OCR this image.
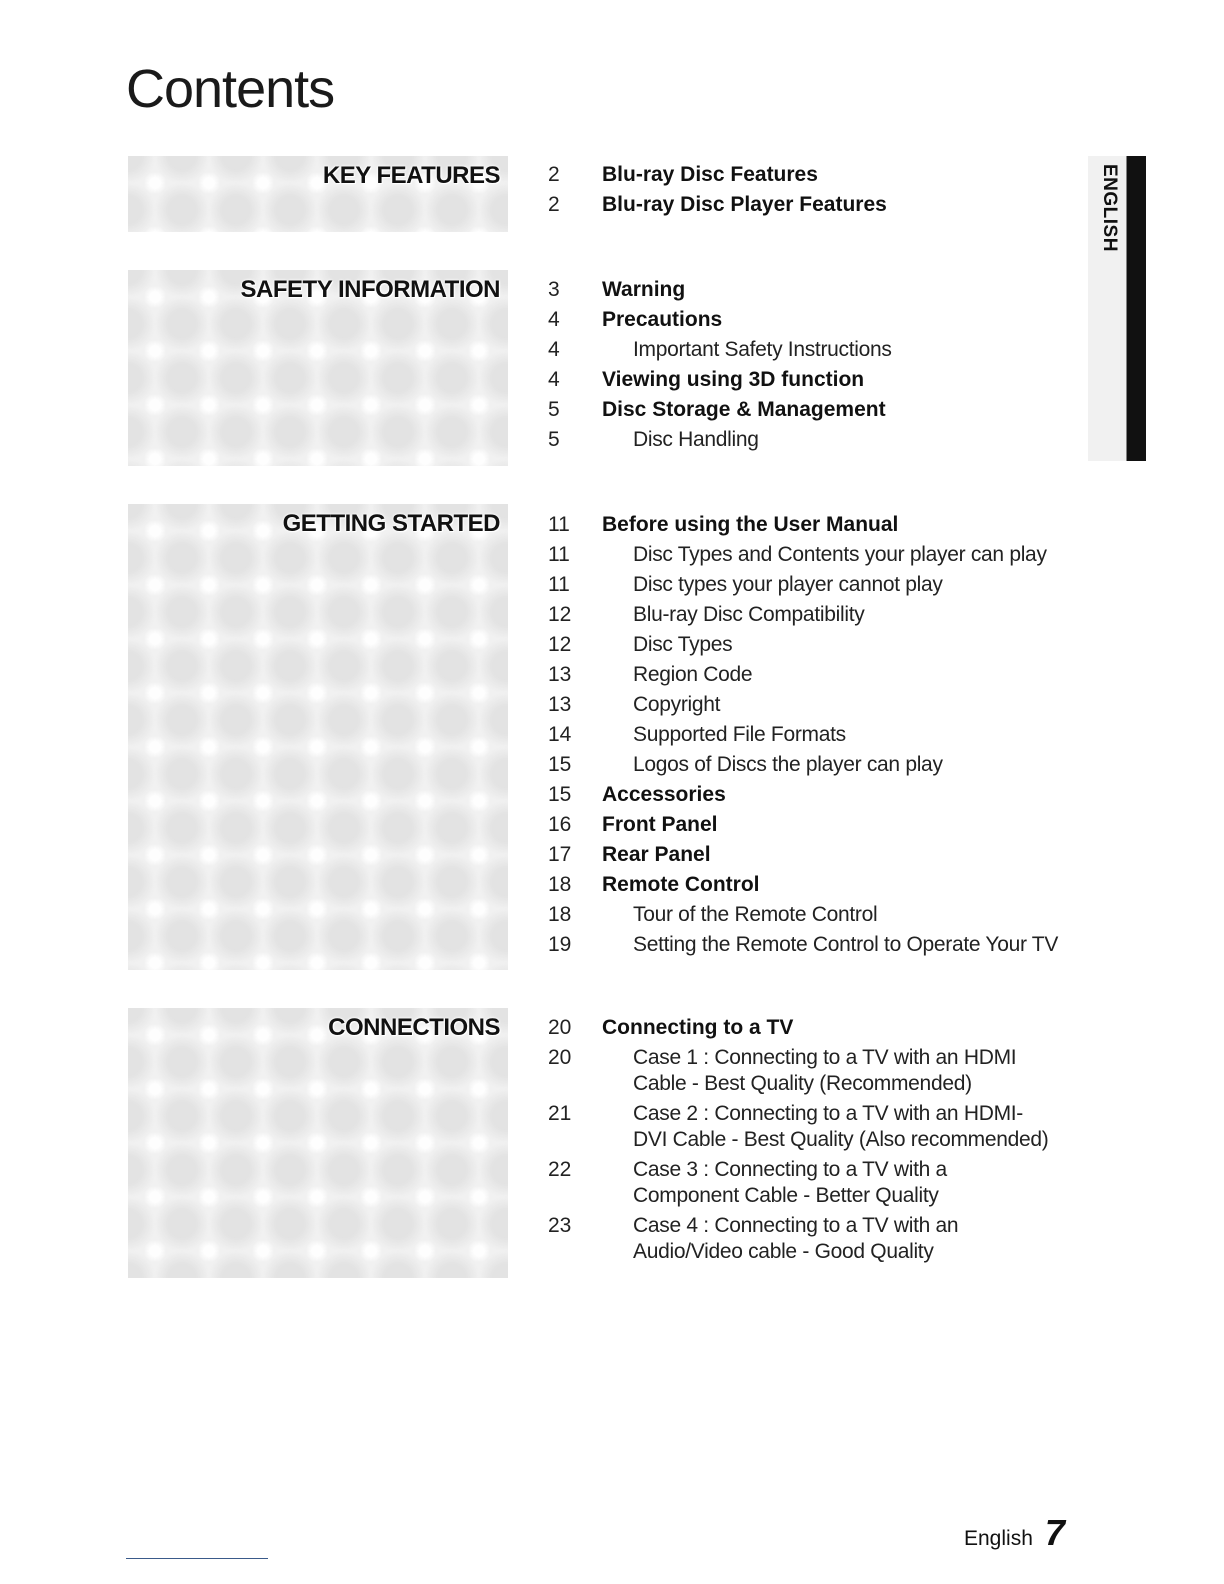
Contents
ENGLISH
KEY FEATURES 2 Blu-ray Disc Features
2 Blu-ray Disc Player Features
SAFETY INFORMATION 3 Warning
4 Precautions
4	Important Safety Instructions
4 Viewing using 3D function
5 Disc Storage & Management
5	Disc Handling
GETTING STARTED 11 Before using the User Manual
11	Disc Types and Contents your player can play
11	Disc types your player cannot play
12	Blu-ray Disc Compatibility
12	Disc Types
13	Region Code
13	Copyright
14	Supported File Formats
15	Logos of Discs the player can play
15 Accessories
16 Front Panel
17 Rear Panel
18 Remote Control
18	Tour of the Remote Control
19	Setting the Remote Control to Operate Your TV
CONNECTIONS 20 Connecting to a TV
20	Case 1 : Connecting to a TV with an HDMI Cable - Best Quality (Recommended)
21	Case 2 : Connecting to a TV with an HDMI-DVI Cable - Best Quality (Also recommended)
22	Case 3 : Connecting to a TV with a Component Cable - Better Quality
23	Case 4 : Connecting to a TV with an Audio/Video cable - Good Quality
English 7
